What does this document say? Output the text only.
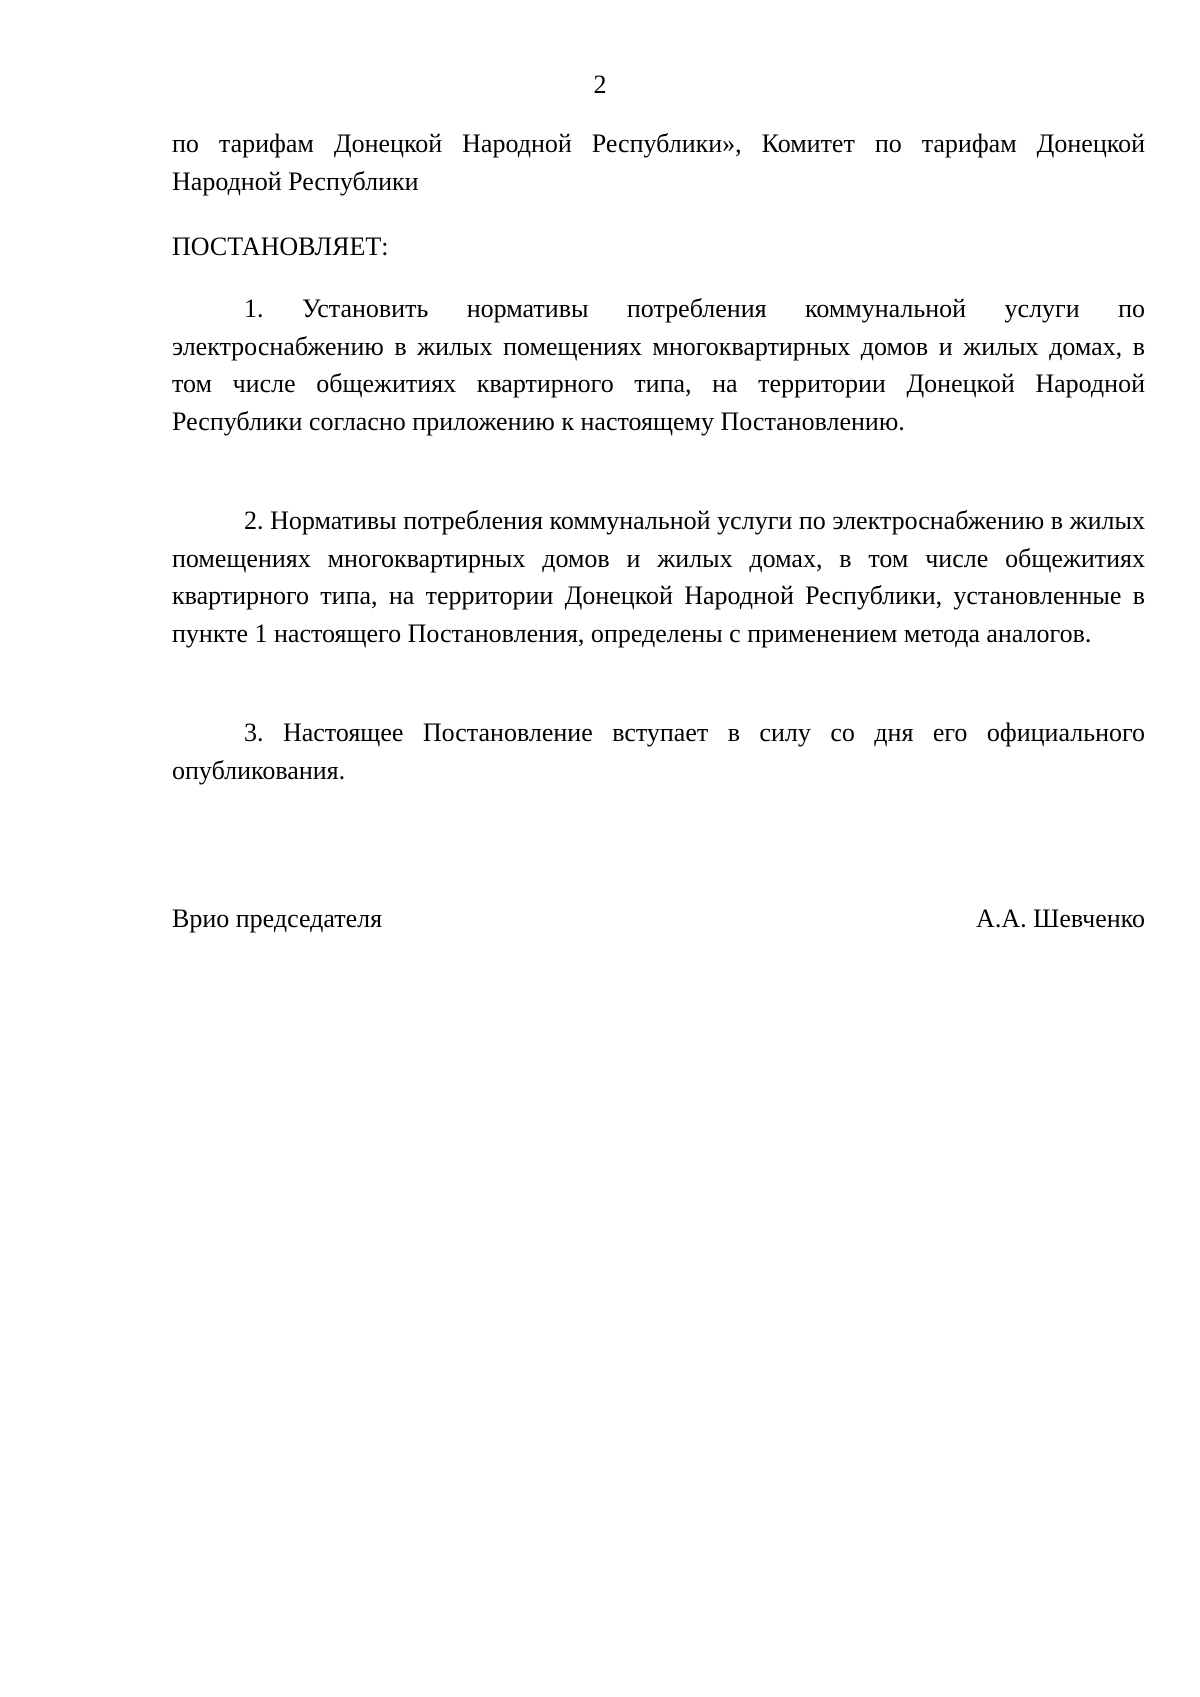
2

по тарифам Донецкой Народной Республики», Комитет по тарифам Донецкой Народной Республики

ПОСТАНОВЛЯЕТ:

1. Установить нормативы потребления коммунальной услуги по электроснабжению в жилых помещениях многоквартирных домов и жилых домах, в том числе общежитиях квартирного типа, на территории Донецкой Народной Республики согласно приложению к настоящему Постановлению.

2. Нормативы потребления коммунальной услуги по электроснабжению в жилых помещениях многоквартирных домов и жилых домах, в том числе общежитиях квартирного типа, на территории Донецкой Народной Республики, установленные в пункте 1 настоящего Постановления, определены с применением метода аналогов.

3. Настоящее Постановление вступает в силу со дня его официального опубликования.

Врио председателя	А.А. Шевченко
